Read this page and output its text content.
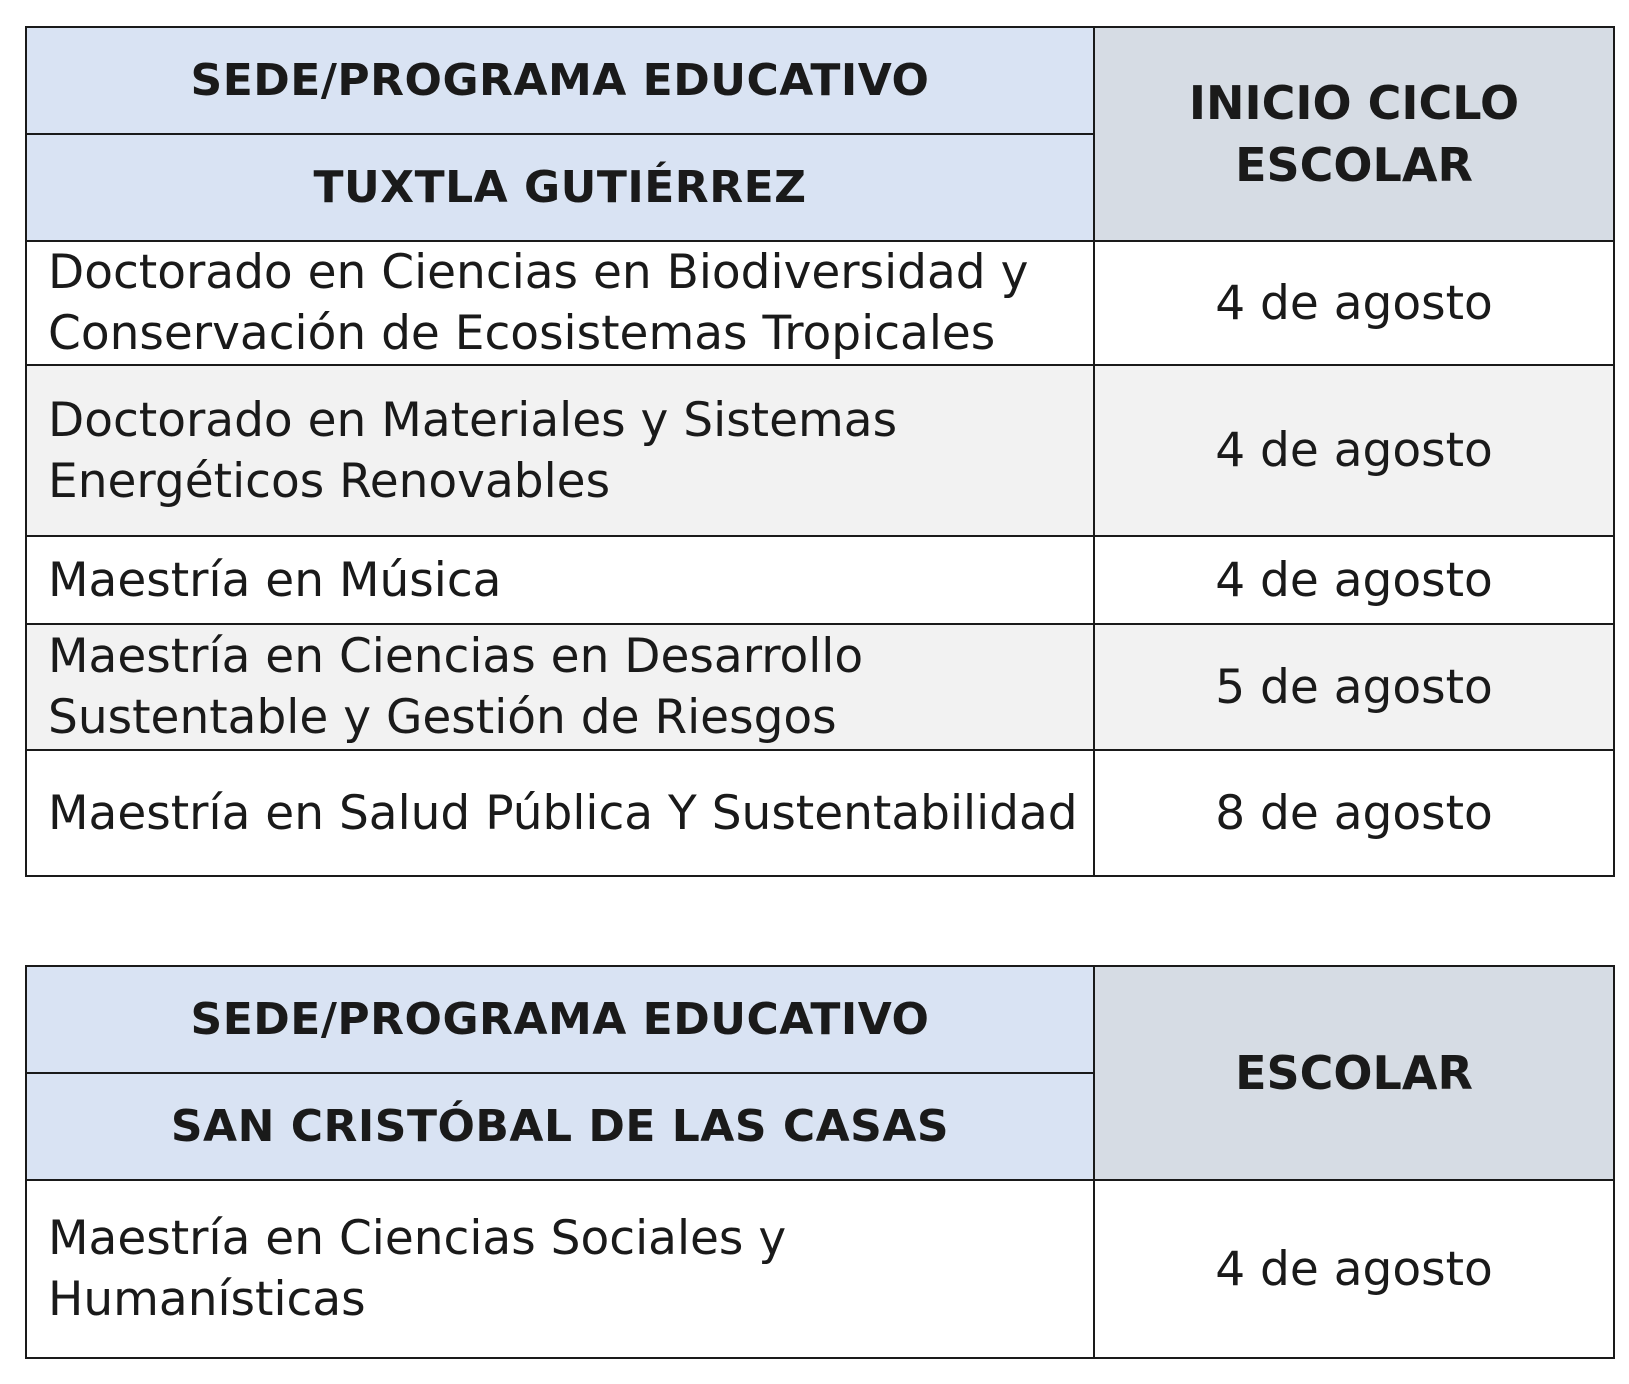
SEDE/PROGRAMA EDUCATIVO	INICIO CICLO
ESCOLAR

TUXTLA GUTIÉRREZ	
Doctorado en Ciencias en Biodiversidad y Conservación de Ecosistemas Tropicales	4 de agosto
Doctorado en Materiales y Sistemas Energéticos Renovables	4 de agosto
Maestría en Música	4 de agosto
Maestría en Ciencias en Desarrollo Sustentable y Gestión de Riesgos	5 de agosto
Maestría en Salud Pública Y Sustentabilidad	8 de agosto
SEDE/PROGRAMA EDUCATIVO	ESCOLAR

SAN CRISTÓBAL DE LAS CASAS	
Maestría en Ciencias Sociales y Humanísticas	4 de agosto
